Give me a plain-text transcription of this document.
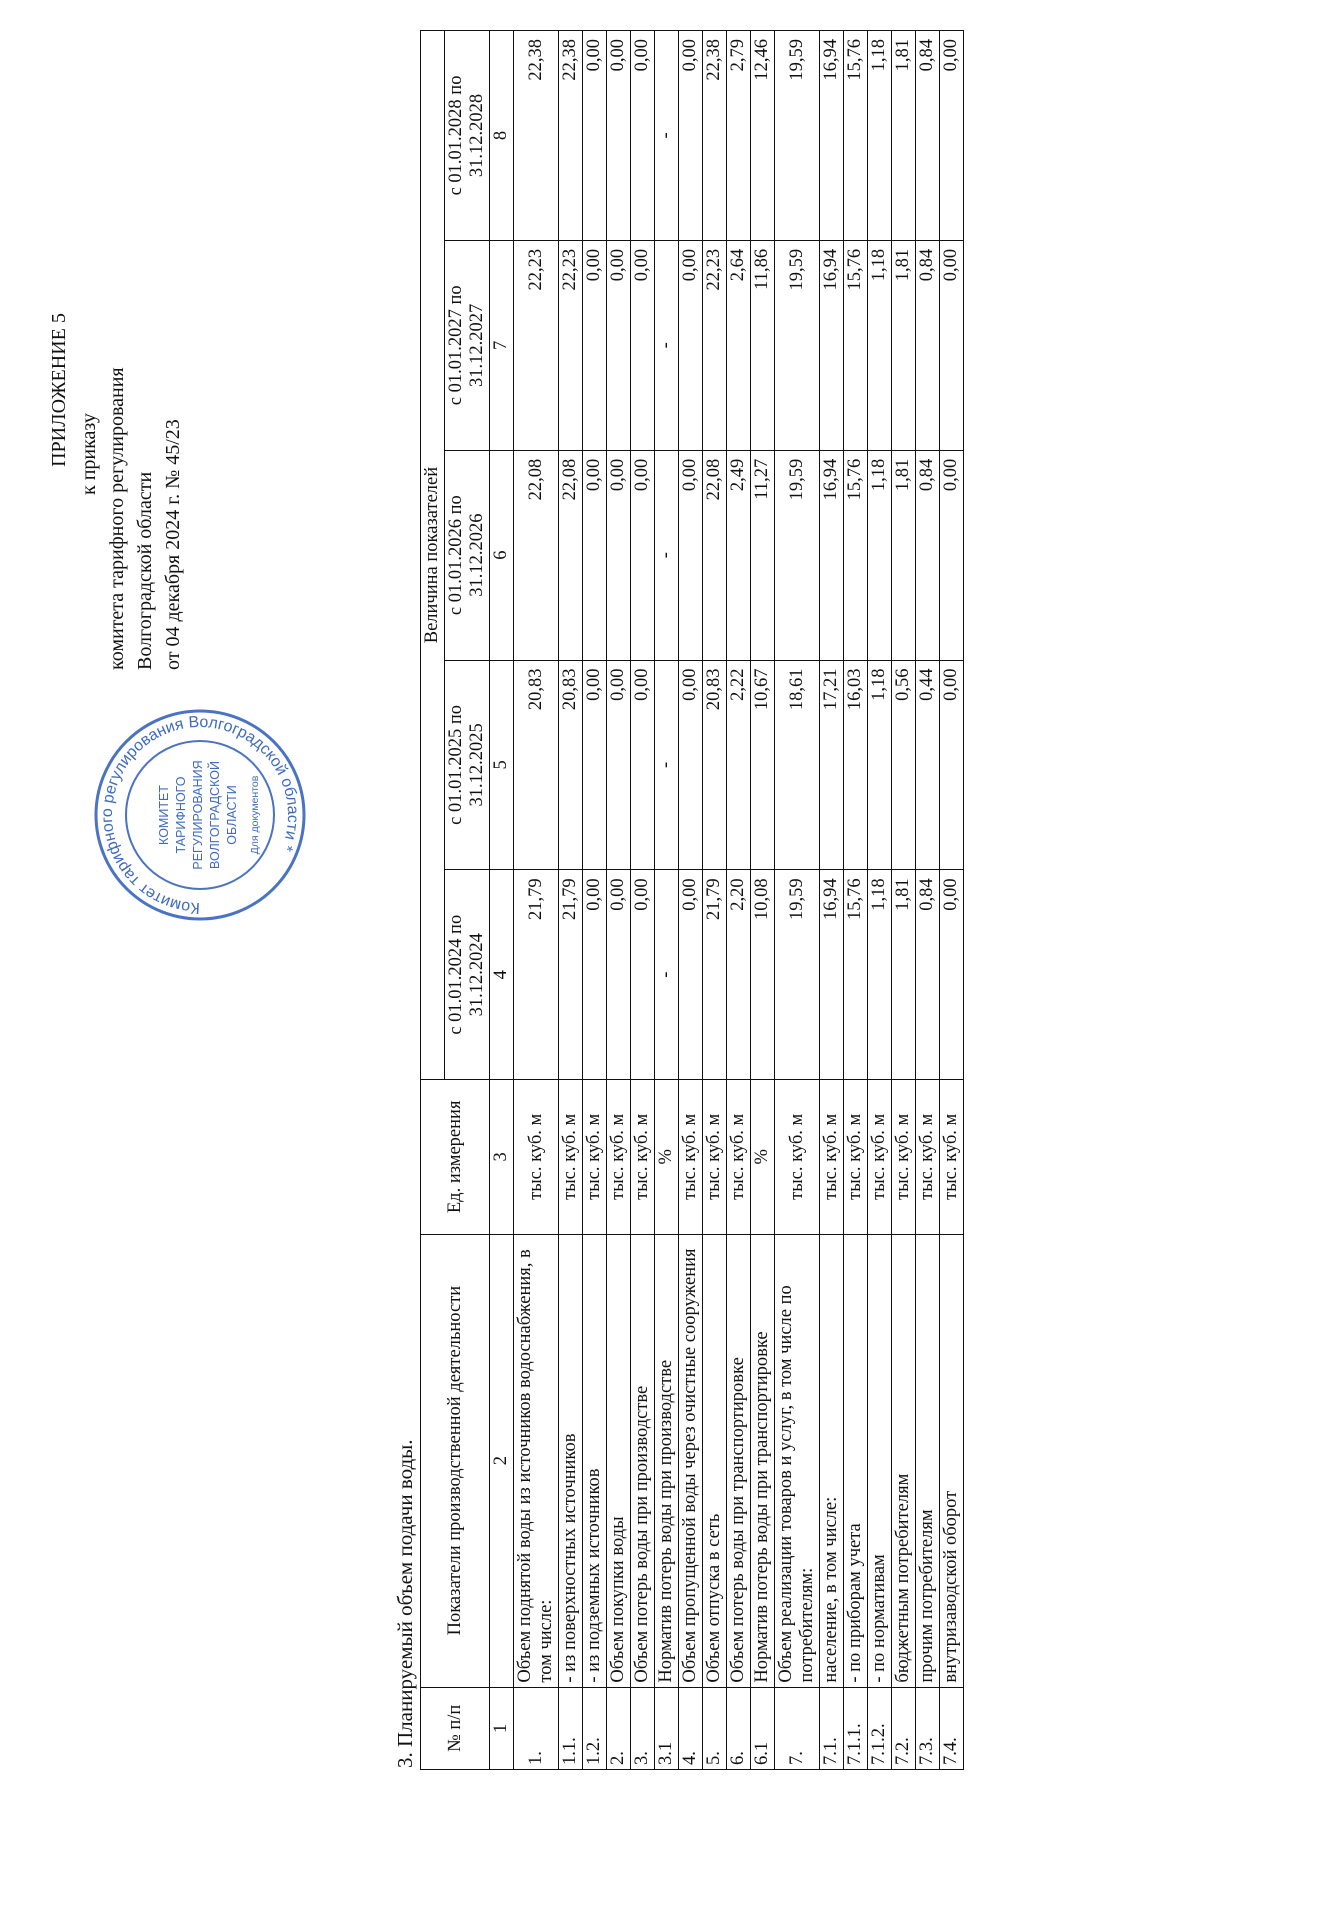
ПРИЛОЖЕНИЕ 5 к приказу комитета тарифного регулирования Волгоградской области от 04 декабря 2024 г. № 45/23
Комитет тарифного регулирования Волгоградской области *
КОМИТЕТ ТАРИФНОГО РЕГУЛИРОВАНИЯ ВОЛГОГРАДСКОЙ ОБЛАСТИ Для документов
3. Планируемый объем подачи воды. № п/п	Показатели производственной деятельности	Ед. измерения	Величина показателей				
			с 01.01.2024 по 31.12.2024	с 01.01.2025 по 31.12.2025	с 01.01.2026 по 31.12.2026	с 01.01.2027 по 31.12.2027	с 01.01.2028 по 31.12.2028
1	2	3	4	5	6	7	8
1.	Объем поднятой воды из источников водоснабжения, в том числе:	тыс. куб. м	21,79	20,83	22,08	22,23	22,38
1.1.	- из поверхностных источников	тыс. куб. м	21,79	20,83	22,08	22,23	22,38
1.2.	- из подземных источников	тыс. куб. м	0,00	0,00	0,00	0,00	0,00
2.	Объем покупки воды	тыс. куб. м	0,00	0,00	0,00	0,00	0,00
3.	Объем потерь воды при производстве	тыс. куб. м	0,00	0,00	0,00	0,00	0,00
3.1	Норматив потерь воды при производстве	%	-	-	-	-	-
4.	Объем пропущенной воды через очистные сооружения	тыс. куб. м	0,00	0,00	0,00	0,00	0,00
5.	Объем отпуска в сеть	тыс. куб. м	21,79	20,83	22,08	22,23	22,38
6.	Объем потерь воды при транспортировке	тыс. куб. м	2,20	2,22	2,49	2,64	2,79
6.1	Норматив потерь воды при транспортировке	%	10,08	10,67	11,27	11,86	12,46
7.	Объем реализации товаров и услуг, в том числе по потребителям:	тыс. куб. м	19,59	18,61	19,59	19,59	19,59
7.1.	население, в том числе:	тыс. куб. м	16,94	17,21	16,94	16,94	16,94
7.1.1.	- по приборам учета	тыс. куб. м	15,76	16,03	15,76	15,76	15,76
7.1.2.	- по нормативам	тыс. куб. м	1,18	1,18	1,18	1,18	1,18
7.2.	бюджетным потребителям	тыс. куб. м	1,81	0,56	1,81	1,81	1,81
7.3.	прочим потребителям	тыс. куб. м	0,84	0,44	0,84	0,84	0,84
7.4.	внутризаводской оборот	тыс. куб. м	0,00	0,00	0,00	0,00	0,00
